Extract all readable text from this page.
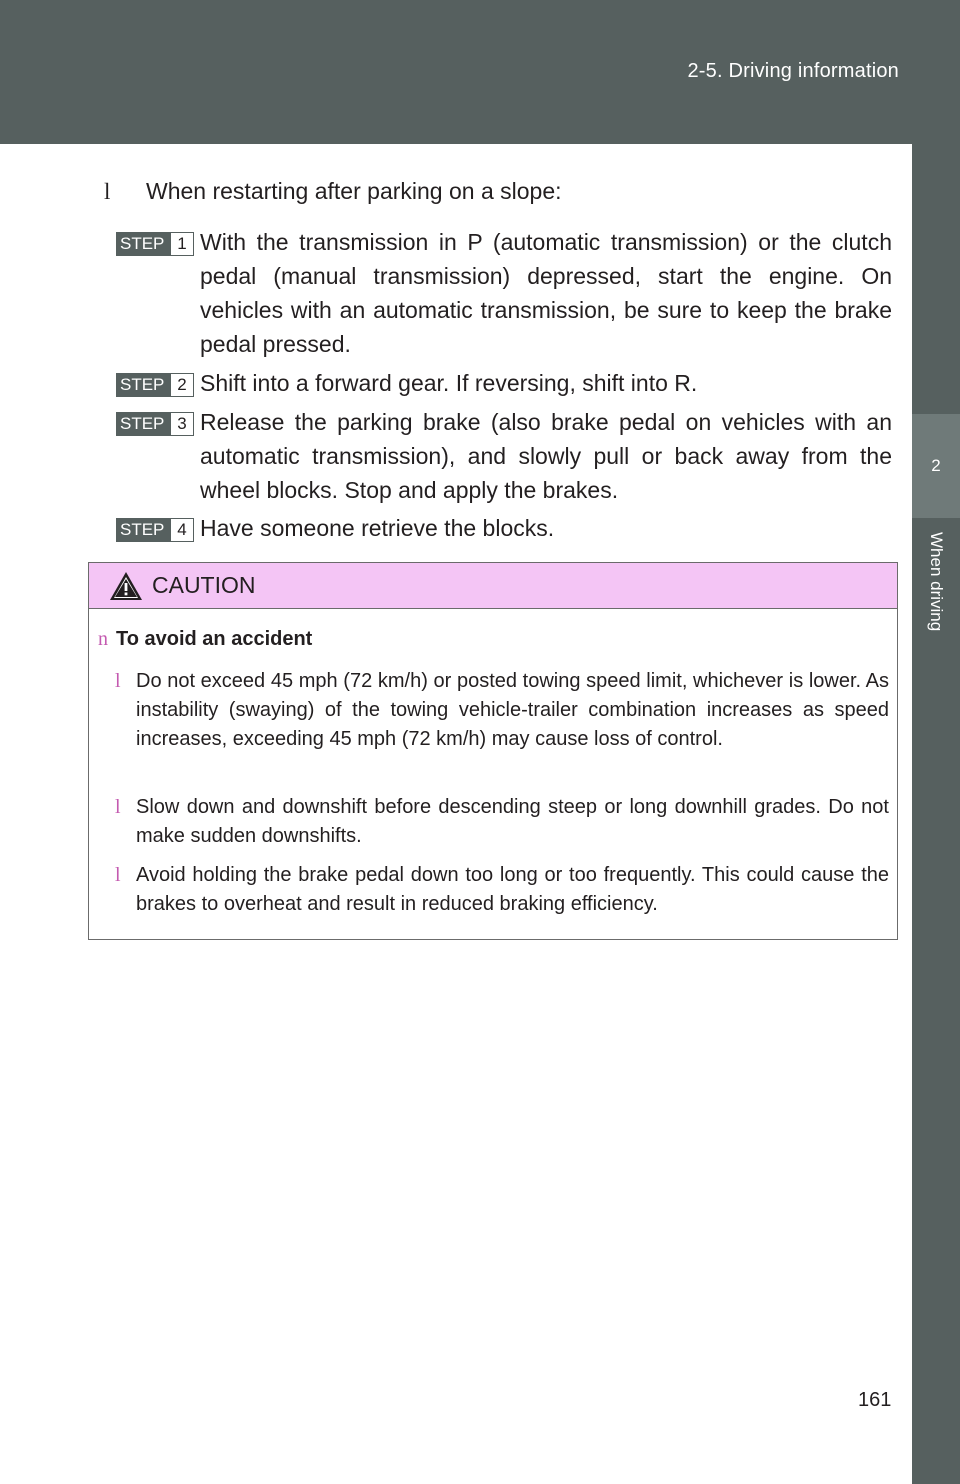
2-5. Driving information
2
When driving
l When restarting after parking on a slope:
STEP 1 With the transmission in P (automatic transmission) or the clutch pedal (manual transmission) depressed, start the engine. On vehicles with an automatic transmission, be sure to keep the brake pedal pressed.
STEP 2 Shift into a forward gear. If reversing, shift into R.
STEP 3 Release the parking brake (also brake pedal on vehicles with an automatic transmission), and slowly pull or back away from the wheel blocks. Stop and apply the brakes.
STEP 4 Have someone retrieve the blocks.
CAUTION
n To avoid an accident
l Do not exceed 45 mph (72 km/h) or posted towing speed limit, whichever is lower. As instability (swaying) of the towing vehicle-trailer combination increases as speed increases, exceeding 45 mph (72 km/h) may cause loss of control.
l Slow down and downshift before descending steep or long downhill grades. Do not make sudden downshifts.
l Avoid holding the brake pedal down too long or too frequently. This could cause the brakes to overheat and result in reduced braking efficiency.
161
